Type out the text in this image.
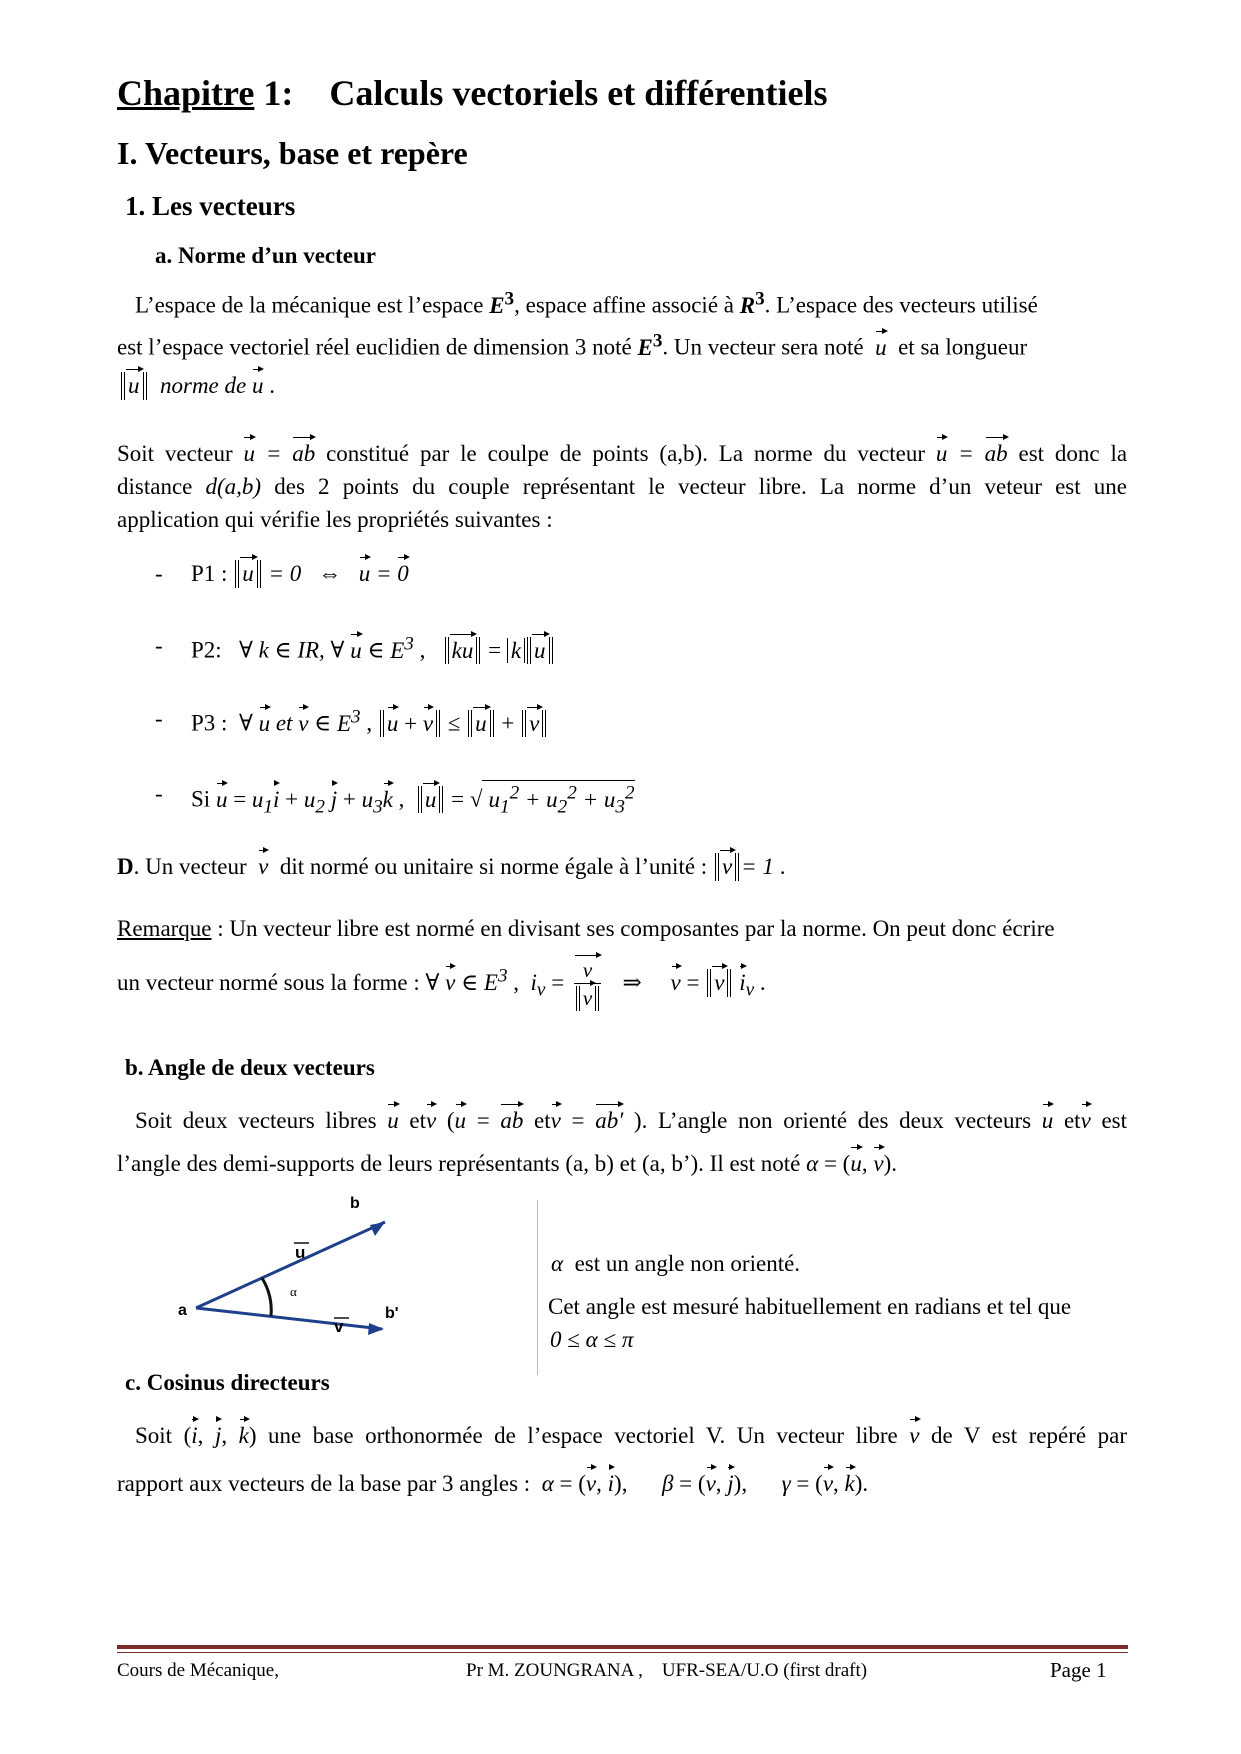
Chapitre 1:    Calculs vectoriels et différentiels
I. Vecteurs, base et repère
1. Les vecteurs
a. Norme d’un vecteur
L’espace de la mécanique est l’espace $E^3$, espace affine associé à $R^3$. L’espace des vecteurs utilisé
est l’espace vectoriel réel euclidien de dimension 3 noté $E^3$. Un vecteur sera noté  u  et sa longueur
u norme de u .
Soit vecteur u = ab constitué par le coulpe de points (a,b). La norme du vecteur u = ab est donc la
distance d(a,b) des 2 points du couple représentant le vecteur libre. La norme d’un veteur est une
application qui vérifie les propriétés suivantes :
- P1 : u = 0   ⇔   u = 0
- P2:   ∀ k ∈ IR, ∀ u ∈ $E^3$ ,   ku = k u
- P3 :  ∀ u et v ∈ $E^3$ , u + v ≤ u + v
- Si $u = u_1i + u_2$ $j + u_3k$ ,  u = √ $u_1^2 + u_2^2 + u_3^2$
D. Un vecteur v dit normé ou unitaire si norme égale à l’unité : v = 1 .
Remarque : Un vecteur libre est normé en divisant ses composantes par la norme. On peut donc écrire
un vecteur normé sous la forme : ∀ v ∈ $E^3$ ,  $i_v = \frac{v}{v}$ ⇒     v = v $i_v$ .
b. Angle de deux vecteurs
Soit deux vecteurs libres u etv (u = ab etv = ab′ ). L’angle non orienté des deux vecteurs u etv est
l’angle des demi-supports de leurs représentants (a, b) et (a, b’). Il est noté α = (u, v).
a
b
b'
u
v
α
α est un angle non orienté.
Cet angle est mesuré habituellement en radians et tel que
0 ≤ α ≤ π
c. Cosinus directeurs
Soit (i, j, k) une base orthonormée de l’espace vectoriel V. Un vecteur libre v de V est repéré par
rapport aux vecteurs de la base par 3 angles : α = (v, i),      β = (v, j),      γ = (v, k).
Cours de Mécanique,	Pr M. ZOUNGRANA ,    UFR-SEA/U.O (first draft)	Page 1
